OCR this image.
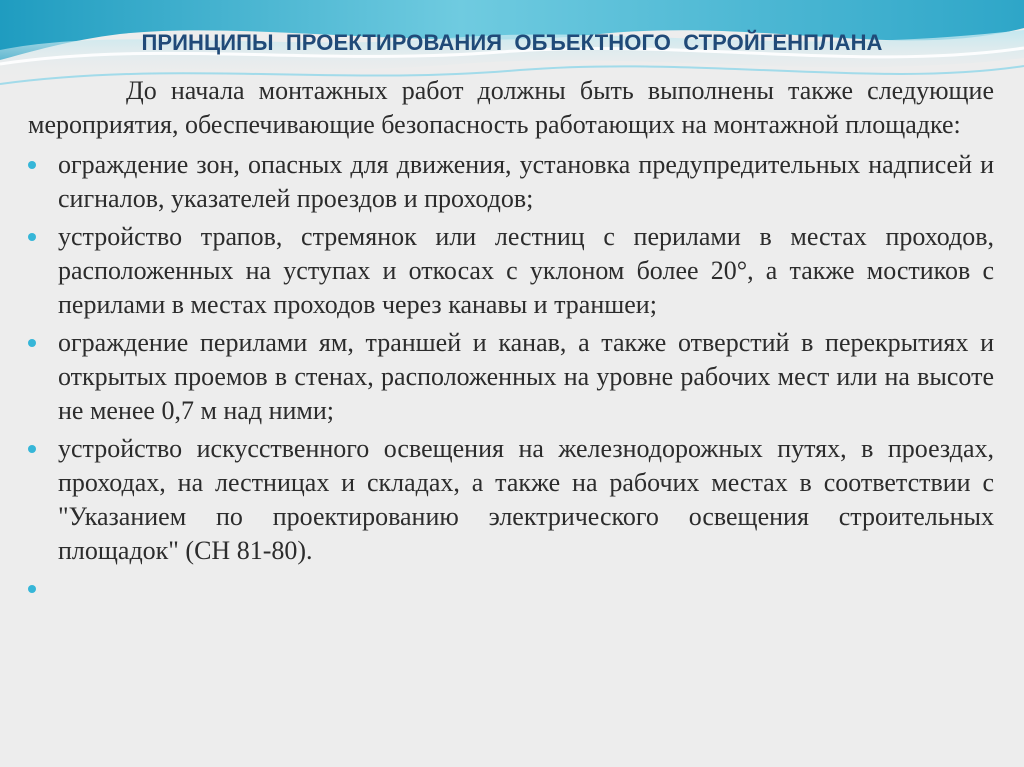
ПРИНЦИПЫ ПРОЕКТИРОВАНИЯ ОБЪЕКТНОГО СТРОЙГЕНПЛАНА

До начала монтажных работ должны быть выполнены также следующие мероприятия, обеспечивающие безопасность работающих на монтажной площадке:

ограждение зон, опасных для движения, установка предупредительных надписей и сигналов, указателей проездов и проходов;
устройство трапов, стремянок или лестниц с перилами в местах проходов, расположенных на уступах и откосах с уклоном более 20°, а также мостиков с перилами в местах проходов через канавы и траншеи;
ограждение перилами ям, траншей и канав, а также отверстий в перекрытиях и открытых проемов в стенах, расположенных на уровне рабочих мест или на высоте не менее 0,7 м над ними;
устройство искусственного освещения на железнодорожных путях, в проездах, проходах, на лестницах и складах, а также на рабочих местах в соответствии с "Указанием по проектированию электрического освещения строительных площадок" (СН 81-80).
